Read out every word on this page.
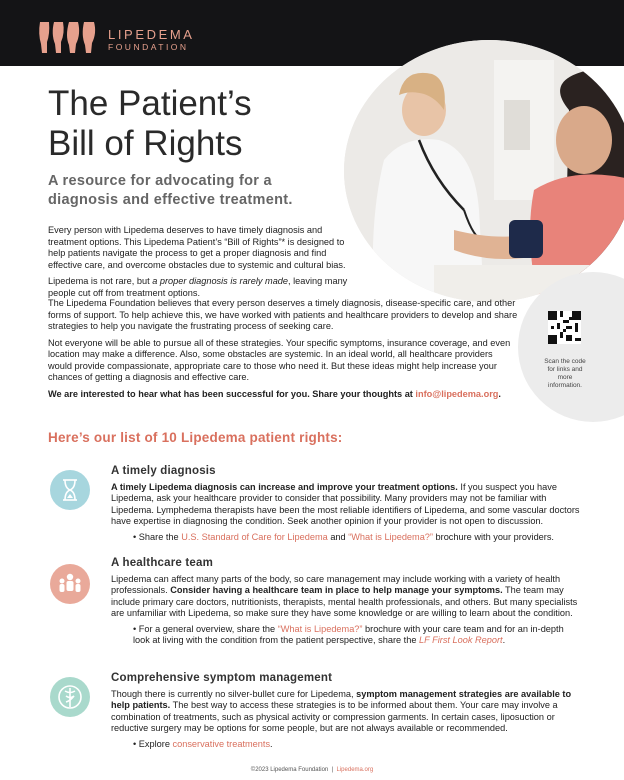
LIPEDEMA
FOUNDATION
The Patient’s
Bill of Rights
A resource for advocating for a diagnosis and effective treatment.

Every person with Lipedema deserves to have timely diagnosis and treatment options. This Lipedema Patient’s “Bill of Rights”* is designed to help patients navigate the process to get a proper diagnosis and find effective care, and overcome obstacles due to systemic and cultural bias.

Lipedema is not rare, but a proper diagnosis is rarely made, leaving many people cut off from treatment options.

Scan the code for links and more information.

The Lipedema Foundation believes that every person deserves a timely diagnosis, disease-specific care, and other forms of support. To help achieve this, we have worked with patients and healthcare providers to develop and share strategies to help you navigate the frustrating process of seeking care.

Not everyone will be able to pursue all of these strategies. Your specific symptoms, insurance coverage, and even location may make a difference. Also, some obstacles are systemic. In an ideal world, all healthcare providers would provide compassionate, appropriate care to those who need it. But these ideas might help increase your chances of getting a diagnosis and effective care.

We are interested to hear what has been successful for you. Share your thoughts at info@lipedema.org.

Here’s our list of 10 Lipedema patient rights:
A timely diagnosis
A timely Lipedema diagnosis can increase and improve your treatment options. If you suspect you have Lipedema, ask your healthcare provider to consider that possibility. Many providers may not be familiar with Lipedema. Lymphedema therapists have been the most reliable identifiers of Lipedema, and some vascular doctors have expertise in diagnosing the condition. Seek another opinion if your provider is not open to discussion.
• Share the U.S. Standard of Care for Lipedema and “What is Lipedema?” brochure with your providers.
A healthcare team
Lipedema can affect many parts of the body, so care management may include working with a variety of health professionals. Consider having a healthcare team in place to help manage your symptoms. The team may include primary care doctors, nutritionists, therapists, mental health professionals, and others. But many specialists are unfamiliar with Lipedema, so make sure they have some knowledge or are willing to learn about the condition.
• For a general overview, share the “What is Lipedema?” brochure with your care team and for an in-depth look at living with the condition from the patient perspective, share the LF First Look Report.
Comprehensive symptom management
Though there is currently no silver-bullet cure for Lipedema, symptom management strategies are available to help patients. The best way to access these strategies is to be informed about them. Your care may involve a combination of treatments, such as physical activity or compression garments. In certain cases, liposuction or reductive surgery may be options for some people, but are not always available or recommended.
• Explore conservative treatments.
©2023 Lipedema Foundation | Lipedema.org
